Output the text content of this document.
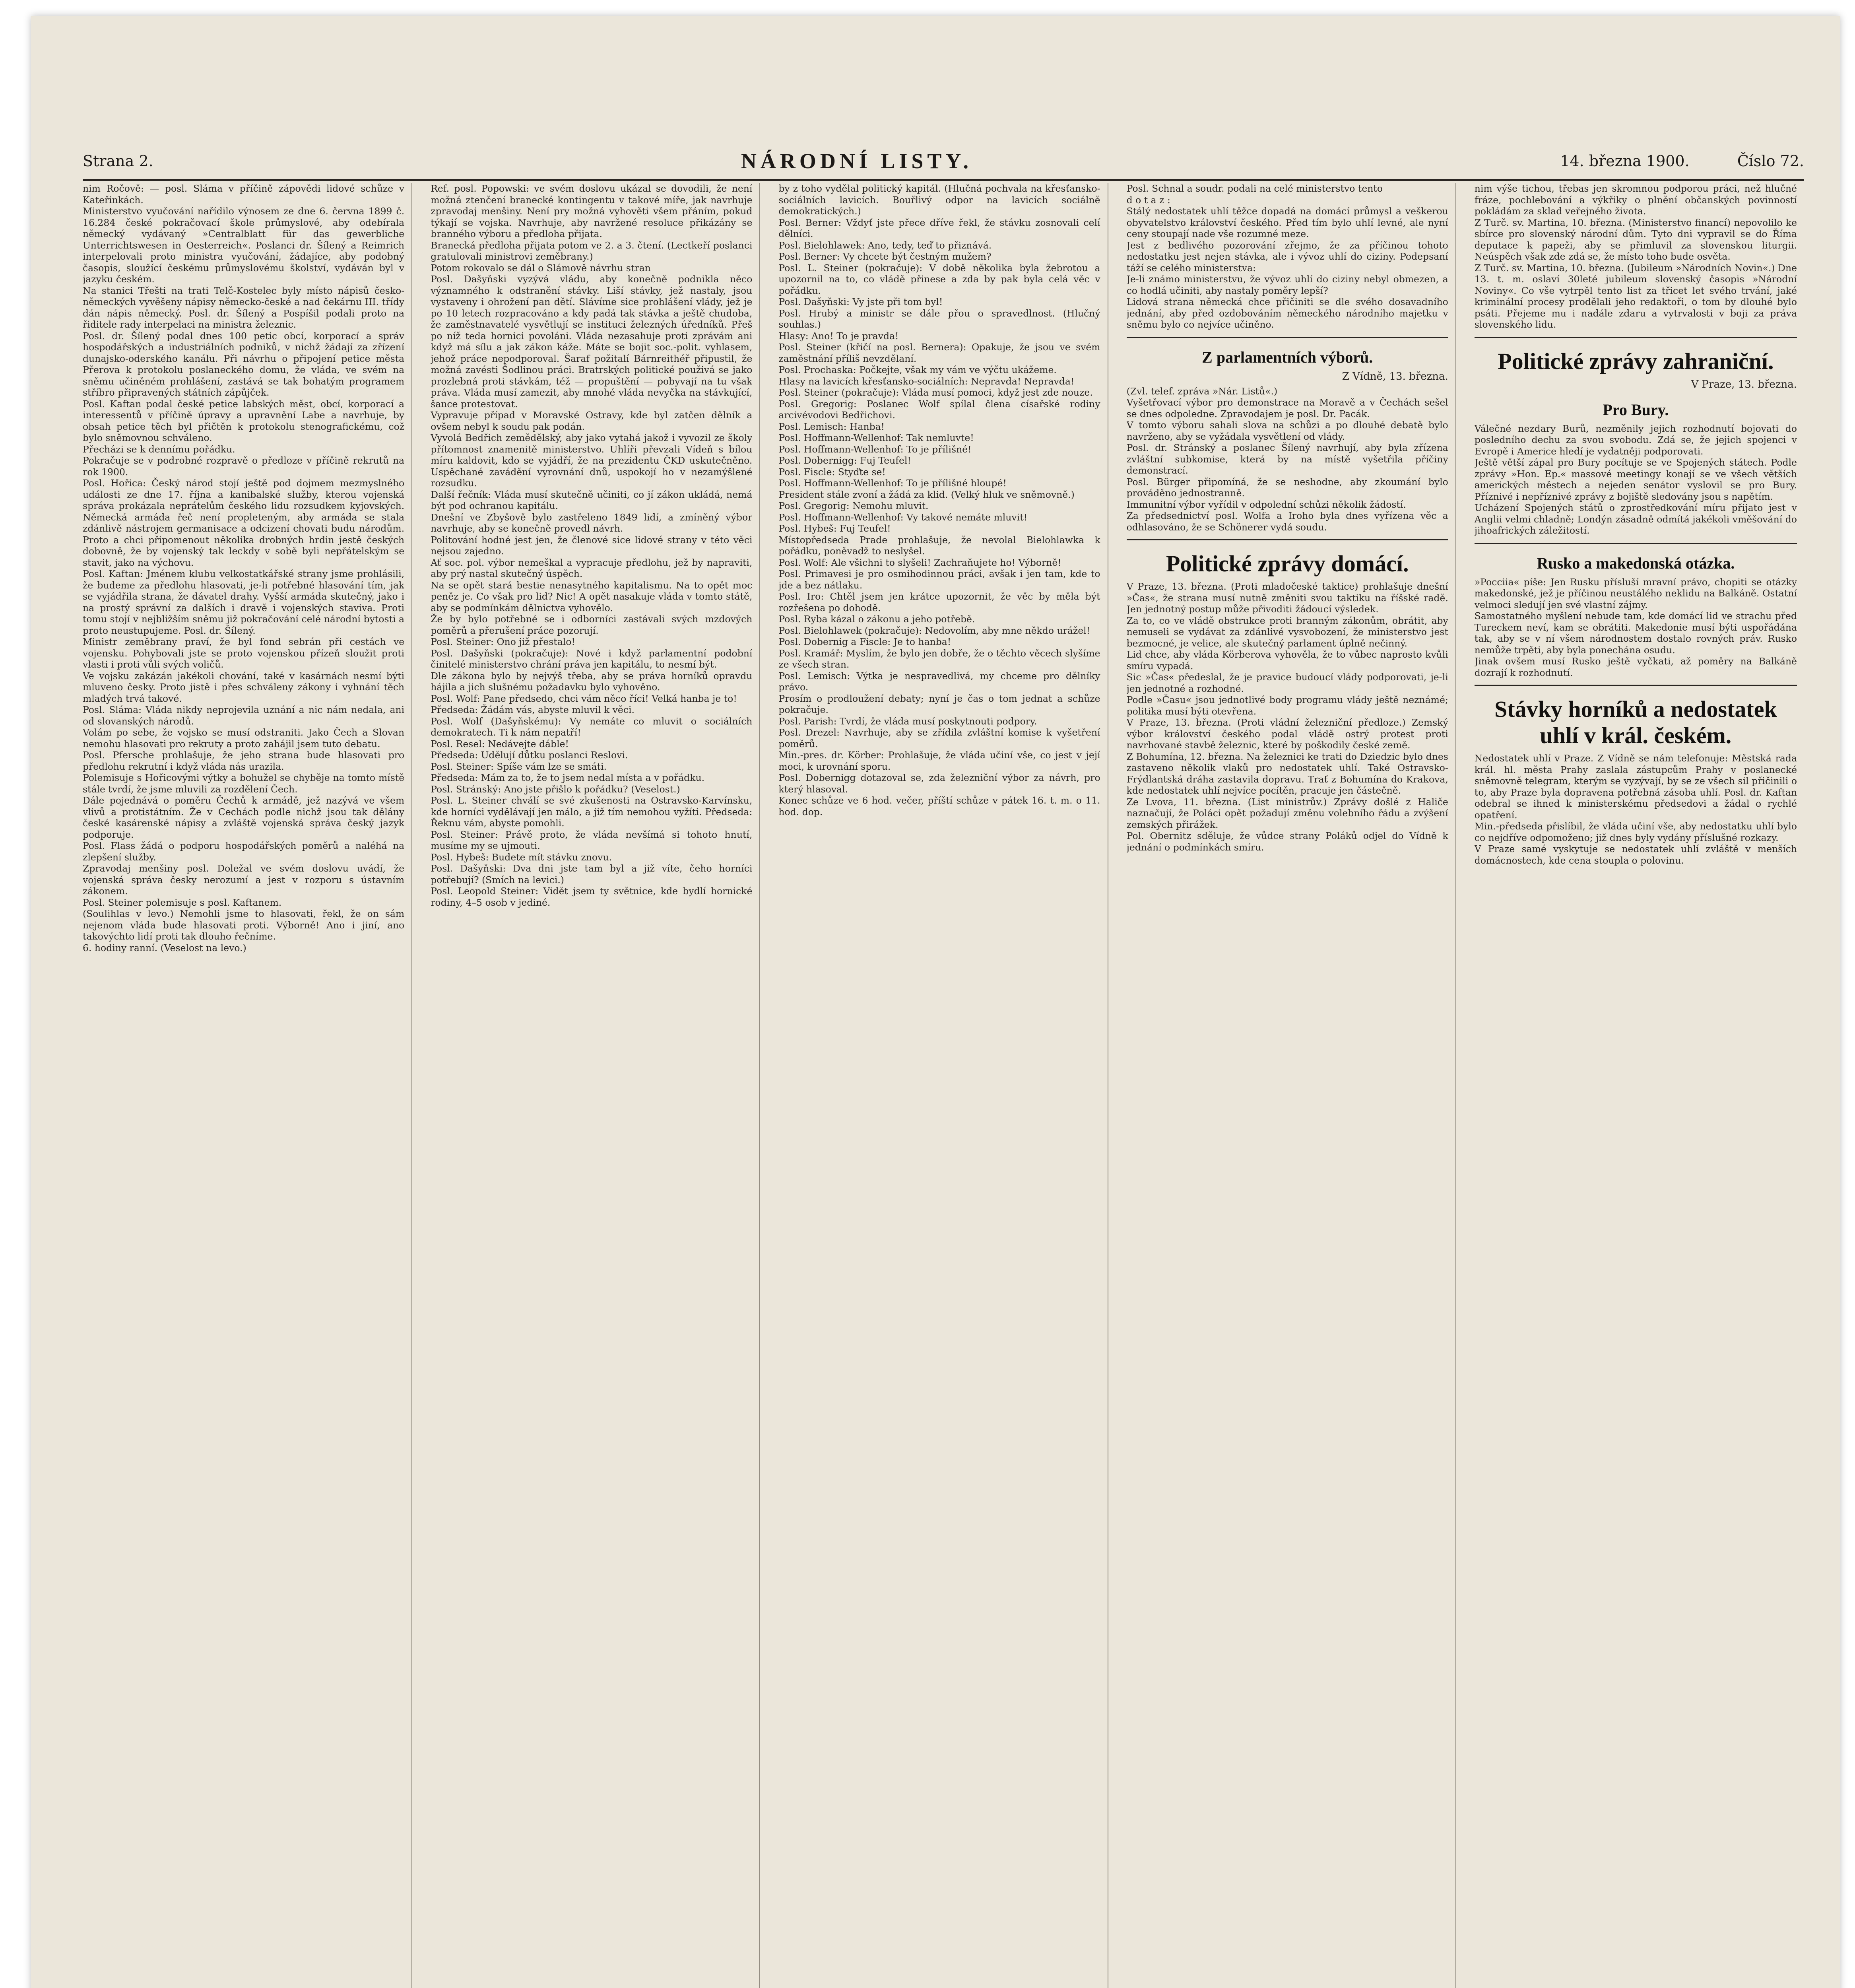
Strana 2.	NÁRODNÍ LISTY.	14. března 1900.	Číslo 72.
nim Ročově: — posl. Sláma v příčině zápovědi lidové schůze v Kateřinkách.
Ministerstvo vyučování nařídilo výnosem ze dne 6. června 1899 č. 16.284 české pokračovací škole průmyslové, aby odebírala německý vydávaný »Centralblatt für das gewerbliche Unterrichtswesen in Oesterreich«. Poslanci dr. Šílený a Reimrich interpelovali proto ministra vyučování, žádajíce, aby podobný časopis, sloužící českému průmyslovému školství, vydáván byl v jazyku českém.
Na stanici Třešti na trati Telč-Kostelec byly místo nápisů česko-německých vyvěšeny nápisy německo-české a nad čekárnu III. třídy dán nápis německý. Posl. dr. Šílený a Pospíšil podali proto na řiditele rady interpelaci na ministra železnic.
Posl. dr. Šílený podal dnes 100 petic obcí, korporací a správ hospodářských a industriálních podniků, v nichž žádají za zřízení dunajsko-oderského kanálu. Při návrhu o připojení petice města Přerova k protokolu poslaneckého domu, že vláda, ve svém na sněmu učiněném prohlášení, zastává se tak bohatým programem stříbro připravených státních zápůjček.
Posl. Kaftan podal české petice labských měst, obcí, korporací a interessentů v příčině úpravy a upravnění Labe a navrhuje, by obsah petice těch byl přičtěn k protokolu stenografickému, což bylo sněmovnou schváleno.
Přecházi se k dennímu pořádku.
Pokračuje se v podrobné rozpravě o předloze v příčině rekrutů na rok 1900.
Posl. Hořica: Český národ stojí ještě pod dojmem mezmyslného události ze dne 17. října a kanibalské služby, kterou vojenská správa prokázala neprátelům českého lidu rozsudkem kyjovských. Německá armáda řeč není propleteným, aby armáda se stala zdánlivě nástrojem germanisace a odcizení chovati budu národům. Proto a chci připomenout několika drobných hrdin jestě českých dobovně, že by vojenský tak leckdy v sobě byli nepřátelským se stavit, jako na výchovu.
Posl. Kaftan: Jménem klubu velkostatkářské strany jsme prohlásili, že budeme za předlohu hlasovati, je-li potřebné hlasování tím, jak se vyjádřila strana, že dávatel drahy. Vyšší armáda skutečný, jako i na prostý správní za dalších i dravě i vojenských staviva. Proti tomu stojí v nejbližším sněmu již pokračování celé národní bytosti a proto neustupujeme. Posl. dr. Šílený.
Ministr zeměbrany praví, že byl fond sebrán při cestách ve vojensku. Pohybovali jste se proto vojenskou přízeň sloužit proti vlasti i proti vůli svých voličů.
Ve vojsku zakázán jakékoli chování, také v kasárnách nesmí býti mluveno česky. Proto jistě i přes schváleny zákony i vyhnání těch mladých trvá takové.
Posl. Sláma: Vláda nikdy neprojevila uznání a nic nám nedala, ani od slovanských národů.
Volám po sebe, že vojsko se musí odstraniti. Jako Čech a Slovan nemohu hlasovati pro rekruty a proto zahájil jsem tuto debatu.
Posl. Pfersche prohlašuje, že jeho strana bude hlasovati pro předlohu rekrutní i když vláda nás urazila.
Polemisuje s Hořicovými výtky a bohužel se chyběje na tomto místě stále tvrdí, že jsme mluvili za rozdělení Čech.
Dále pojednává o poměru Čechů k armádě, jež nazývá ve všem vlivů a protistátním. Že v Cechách podle nichž jsou tak dělány české kasárenské nápisy a zvláště vojenská správa český jazyk podporuje.
Posl. Flass žádá o podporu hospodářských poměrů a naléhá na zlepšení služby.
Zpravodaj menšiny posl. Doležal ve svém doslovu uvádí, že vojenská správa česky nerozumí a jest v rozporu s ústavním zákonem.
Posl. Steiner polemisuje s posl. Kaftanem.
(Soulihlas v levo.) Nemohli jsme to hlasovati, řekl, že on sám nejenom vláda bude hlasovati proti. Výborně! Ano i jiní, ano takovýchto lidí proti tak dlouho řečníme.
6. hodiny ranní. (Veselost na levo.)
Ref. posl. Popowski: ve svém doslovu ukázal se dovodili, že není možná ztenčení branecké kontingentu v takové míře, jak navrhuje zpravodaj menšiny. Není pry možná vyhověti všem přáním, pokud týkají se vojska. Navrhuje, aby navržené resoluce přikázány se branného výboru a předloha přijata.
Branecká předloha přijata potom ve 2. a 3. čtení. (Lectkeří poslanci gratulovali ministrovi zeměbrany.)
Potom rokovalo se dál o Slámově návrhu stran
Posl. Dašyňski vyzývá vládu, aby konečně podnikla něco významného k odstranění stávky. Liší stávky, jež nastaly, jsou vystaveny i ohrožení pan dětí. Slávíme sice prohlášení vlády, jež je po 10 letech rozpracováno a kdy padá tak stávka a ještě chudoba, že zaměstnavatelé vysvětlují se instituci železných úředníků. Přeš po níž teda hornici povoláni. Vláda nezasahuje proti zprávám ani když má sílu a jak zákon káže. Máte se bojit soc.-polit. vyhlasem, jehož práce nepodporoval. Šaraf požitalí Bárnreithéř připustil, že možná zavésti Šodlinou práci. Bratrských politické použivá se jako prozlebná proti stávkám, též — propuštění — pobyvají na tu však práva. Vláda musí zamezit, aby mnohé vláda nevyčka na stávkující, šance protestovat.
Vypravuje případ v Moravské Ostravy, kde byl zatčen dělník a ovšem nebyl k soudu pak podán.
Vyvolá Bedřich zemědělský, aby jako vytahá jakož i vyvozil ze školy přítomnost znamenitě ministerstvo. Uhlíři převzali Vídeň s bílou míru kaldovit, kdo se vyjádří, že na prezidentu ČKD uskutečněno. Uspěchané zavádění vyrovnání dnů, uspokojí ho v nezamýšlené rozsudku.
Další řečník: Vláda musí skutečně učiniti, co jí zákon ukládá, nemá být pod ochranou kapitálu.
Dnešní ve Zbyšově bylo zastřeleno 1849 lidí, a zmíněný výbor navrhuje, aby se konečně provedl návrh.
Politování hodné jest jen, že členové sice lidové strany v této věci nejsou zajedno.
Ať soc. pol. výbor nemeškal a vypracuje předlohu, jež by napraviti, aby prý nastal skutečný úspěch.
Na se opět stará bestie nenasytného kapitalismu. Na to opět moc peněz je. Co však pro lid? Nic! A opět nasakuje vláda v tomto státě, aby se podmínkám dělnictva vyhovělo.
Že by bylo potřebné se i odborníci zastávali svých mzdových poměrů a přerušení práce pozorují.
Posl. Steiner: Ono již přestalo!
Posl. Dašyňski (pokračuje): Nové i když parlamentní podobní činitelé ministerstvo chrání práva jen kapitálu, to nesmí být.
Dle zákona bylo by nejvýš třeba, aby se práva horníků opravdu hájila a jich slušnému požadavku bylo vyhověno.
Posl. Wolf: Pane předsedo, chci vám něco říci! Velká hanba je to!
Předseda: Žádám vás, abyste mluvil k věci.
Posl. Wolf (Dašyňskému): Vy nemáte co mluvit o sociálních demokratech. Ti k nám nepatří!
Posl. Resel: Nedávejte dáble!
Předseda: Udělují důtku poslanci Reslovi.
Posl. Steiner: Spíše vám lze se smáti.
Předseda: Mám za to, že to jsem nedal místa a v pořádku.
Posl. Stránský: Ano jste přišlo k pořádku? (Veselost.)
Posl. L. Steiner chválí se své zkušenosti na Ostravsko-Karvínsku, kde horníci vydělávají jen málo, a již tím nemohou vyžíti. Předseda: Řeknu vám, abyste pomohli.
Posl. Steiner: Právě proto, že vláda nevšímá si tohoto hnutí, musíme my se ujmouti.
Posl. Hybeš: Budete mít stávku znovu.
Posl. Dašyňski: Dva dni jste tam byl a již víte, čeho horníci potřebují? (Smích na levici.)
Posl. Leopold Steiner: Vidět jsem ty světnice, kde bydlí hornické rodiny, 4–5 osob v jediné.
by z toho vydělal politický kapitál. (Hlučná pochvala na křesťansko-sociálních lavicích. Bouřlivý odpor na lavicích sociálně demokratických.)
Posl. Berner: Vždyť jste přece dříve řekl, že stávku zosnovali celí dělníci.
Posl. Bielohlawek: Ano, tedy, teď to přiznává.
Posl. Berner: Vy chcete být čestným mužem?
Posl. L. Steiner (pokračuje): V době několika byla žebrotou a upozornil na to, co vládě přinese a zda by pak byla celá věc v pořádku.
Posl. Dašyňski: Vy jste při tom byl!
Posl. Hrubý a ministr se dále přou o spravedlnost. (Hlučný souhlas.)
Hlasy: Ano! To je pravda!
Posl. Steiner (křičí na posl. Bernera): Opakuje, že jsou ve svém zaměstnání příliš nevzdělaní.
Posl. Prochaska: Počkejte, však my vám ve výčtu ukážeme.
Hlasy na lavicích křesťansko-sociálních: Nepravda! Nepravda!
Posl. Steiner (pokračuje): Vláda musí pomoci, když jest zde nouze.
Posl. Gregorig: Poslanec Wolf spílal člena císařské rodiny arcivévodovi Bedřichovi.
Posl. Lemisch: Hanba!
Posl. Hoffmann-Wellenhof: Tak nemluvte!
Posl. Hoffmann-Wellenhof: To je přílišné!
Posl. Dobernigg: Fuj Teufel!
Posl. Fiscle: Styďte se!
Posl. Hoffmann-Wellenhof: To je přílišné hloupé!
President stále zvoní a žádá za klid. (Velký hluk ve sněmovně.)
Posl. Gregorig: Nemohu mluvit.
Posl. Hoffmann-Wellenhof: Vy takové nemáte mluvit!
Posl. Hybeš: Fuj Teufel!
Místopředseda Prade prohlašuje, že nevolal Bielohlawka k pořádku, poněvadž to neslyšel.
Posl. Wolf: Ale všichni to slyšeli! Zachraňujete ho! Výborně!
Posl. Primavesi je pro osmihodinnou práci, avšak i jen tam, kde to jde a bez nátlaku.
Posl. Iro: Chtěl jsem jen krátce upozornit, že věc by měla být rozřešena po dohodě.
Posl. Ryba kázal o zákonu a jeho potřebě.
Posl. Bielohlawek (pokračuje): Nedovolím, aby mne někdo urážel!
Posl. Dobernig a Fiscle: Je to hanba!
Posl. Kramář: Myslím, že bylo jen dobře, že o těchto věcech slyšíme ze všech stran.
Posl. Lemisch: Výtka je nespravedlivá, my chceme pro dělníky právo.
Prosím o prodloužení debaty; nyní je čas o tom jednat a schůze pokračuje.
Posl. Parish: Tvrdí, že vláda musí poskytnouti podpory.
Posl. Drezel: Navrhuje, aby se zřídila zvláštní komise k vyšetření poměrů.
Min.-pres. dr. Körber: Prohlašuje, že vláda učiní vše, co jest v její moci, k urovnání sporu.
Posl. Dobernigg dotazoval se, zda železniční výbor za návrh, pro který hlasoval.
Konec schůze ve 6 hod. večer, příští schůze v pátek 16. t. m. o 11. hod. dop.
Posl. Schnal a soudr. podali na celé ministerstvo tento
d o t a z :
Stálý nedostatek uhlí těžce dopadá na domácí průmysl a veškerou obyvatelstvo království českého. Před tím bylo uhlí levné, ale nyní ceny stoupají nade vše rozumné meze.
Jest z bedlivého pozorování zřejmo, že za příčinou tohoto nedostatku jest nejen stávka, ale i vývoz uhlí do ciziny. Podepsaní táží se celého ministerstva:
Je-li známo ministerstvu, že vývoz uhlí do ciziny nebyl obmezen, a co hodlá učiniti, aby nastaly poměry lepší?
Lidová strana německá chce přičiniti se dle svého dosavadního jednání, aby před ozdobováním německého národního majetku v sněmu bylo co nejvíce učiněno.
Z parlamentních výborů.
Z Vídně, 13. března.
(Zvl. telef. zpráva »Nár. Listů«.)
Vyšetřovací výbor pro demonstrace na Moravě a v Čechách sešel se dnes odpoledne. Zpravodajem je posl. Dr. Pacák.
V tomto výboru sahali slova na schůzi a po dlouhé debatě bylo navrženo, aby se vyžádala vysvětlení od vlády.
Posl. dr. Stránský a poslanec Šílený navrhují, aby byla zřízena zvláštní subkomise, která by na místě vyšetřila příčiny demonstrací.
Posl. Bürger připomíná, že se neshodne, aby zkoumání bylo prováděno jednostranně.
Immunitní výbor vyřídil v odpolední schůzi několik žádostí.
Za předsednictví posl. Wolfa a Iroho byla dnes vyřízena věc a odhlasováno, že se Schönerer vydá soudu.
Politické zprávy domácí.
V Praze, 13. března. (Proti mladočeské taktice) prohlašuje dnešní »Čas«, že strana musí nutně změniti svou taktiku na říšské radě. Jen jednotný postup může přivoditi žádoucí výsledek.
Za to, co ve vládě obstrukce proti branným zákonům, obrátit, aby nemuseli se vydávat za zdánlivé vysvobození, že ministerstvo jest bezmocné, je velice, ale skutečný parlament úplně nečinný.
Lid chce, aby vláda Körberova vyhověla, že to vůbec naprosto kvůli smíru vypadá.
Sic »Čas« předeslal, že je pravice budoucí vlády podporovati, je-li jen jednotné a rozhodné.
Podle »Času« jsou jednotlivé body programu vlády ještě neznámé; politika musí býti otevřena.
V Praze, 13. března. (Proti vládní železniční předloze.) Zemský výbor království českého podal vládě ostrý protest proti navrhované stavbě železnic, které by poškodily české země.
Z Bohumína, 12. března. Na železnici ke trati do Dziedzic bylo dnes zastaveno několik vlaků pro nedostatek uhlí. Také Ostravsko-Frýdlantská dráha zastavila dopravu. Trať z Bohumína do Krakova, kde nedostatek uhlí nejvíce pocítěn, pracuje jen částečně.
Ze Lvova, 11. března. (List ministrův.) Zprávy došlé z Haliče naznačují, že Poláci opět požadují změnu volebního řádu a zvýšení zemských přirážek.
Pol. Obernitz sděluje, že vůdce strany Poláků odjel do Vídně k jednání o podmínkách smíru.
nim výše tichou, třebas jen skromnou podporou práci, než hlučné fráze, pochlebování a výkřiky o plnění občanských povinností pokládám za sklad veřejného života.
Z Turč. sv. Martina, 10. března. (Ministerstvo financí) nepovolilo ke sbírce pro slovenský národní dům. Tyto dni vypravil se do Říma deputace k papeži, aby se přimluvil za slovenskou liturgii. Neúspěch však zde zdá se, že místo toho bude osvěta.
Z Turč. sv. Martina, 10. března. (Jubileum »Národních Novin«.) Dne 13. t. m. oslaví 30leté jubileum slovenský časopis »Národní Noviny«. Co vše vytrpěl tento list za třicet let svého trvání, jaké kriminální procesy prodělali jeho redaktoři, o tom by dlouhé bylo psáti. Přejeme mu i nadále zdaru a vytrvalosti v boji za práva slovenského lidu.
Politické zprávy zahraniční.
V Praze, 13. března.
Pro Bury.
Válečné nezdary Burů, nezměnily jejich rozhodnutí bojovati do posledního dechu za svou svobodu. Zdá se, že jejich spojenci v Evropě i Americe hledí je vydatněji podporovati.
Ještě větší zápal pro Bury pocítuje se ve Spojených státech. Podle zprávy »Hon. Ep.« massové meetingy konají se ve všech větších amerických městech a nejeden senátor vyslovil se pro Bury. Příznivé i nepříznivé zprávy z bojiště sledovány jsou s napětím.
Ucházení Spojených států o zprostředkování míru přijato jest v Anglii velmi chladně; Londýn zásadně odmítá jakékoli vměšování do jihoafrických záležitostí.
Rusko a makedonská otázka.
»Pocciia« píše: Jen Rusku přísluší mravní právo, chopiti se otázky makedonské, jež je příčinou neustálého neklidu na Balkáně. Ostatní velmoci sledují jen své vlastní zájmy.
Samostatného myšlení nebude tam, kde domácí lid ve strachu před Tureckem neví, kam se obrátiti. Makedonie musí býti uspořádána tak, aby se v ní všem národnostem dostalo rovných práv. Rusko nemůže trpěti, aby byla ponechána osudu.
Jinak ovšem musí Rusko ještě vyčkati, až poměry na Balkáně dozrají k rozhodnutí.
Stávky horníků a nedostatek uhlí v král. českém.
Nedostatek uhlí v Praze. Z Vídně se nám telefonuje: Městská rada král. hl. města Prahy zaslala zástupcům Prahy v poslanecké sněmovně telegram, kterým se vyzývají, by se ze všech sil přičinili o to, aby Praze byla dopravena potřebná zásoba uhlí. Posl. dr. Kaftan odebral se ihned k ministerskému předsedovi a žádal o rychlé opatření.
Min.-předseda přislíbil, že vláda učiní vše, aby nedostatku uhlí bylo co nejdříve odpomoženo; již dnes byly vydány příslušné rozkazy.
V Praze samé vyskytuje se nedostatek uhlí zvláště v menších domácnostech, kde cena stoupla o polovinu.
